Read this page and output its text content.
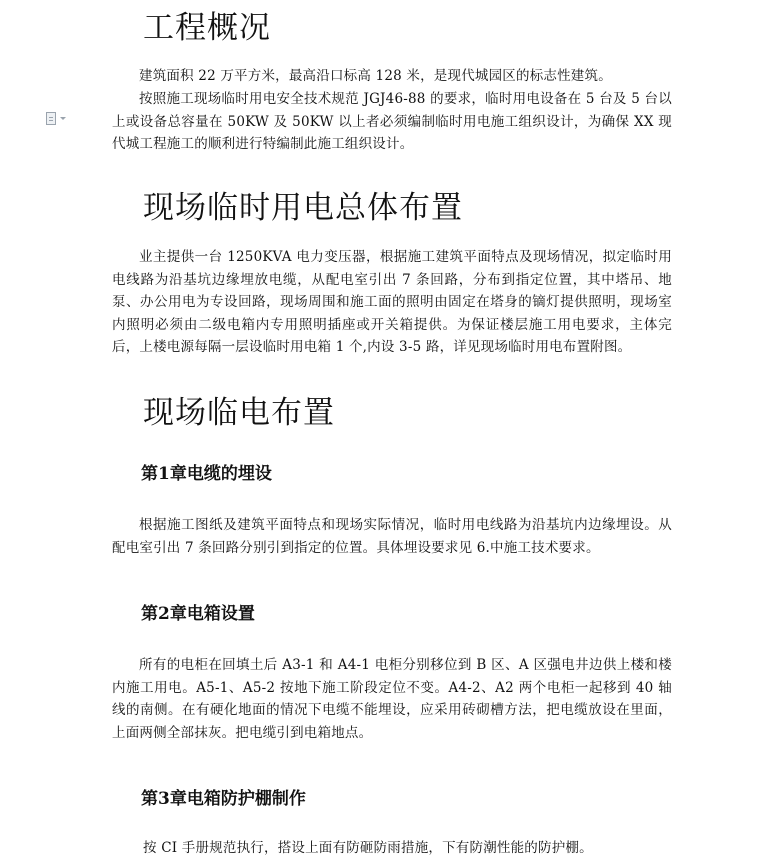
工程概况

建筑面积 22 万平方米，最高沿口标高 128 米，是现代城园区的标志性建筑。

按照施工现场临时用电安全技术规范 JGJ46-88 的要求，临时用电设备在 5 台及 5 台以上或设备总容量在 50KW 及 50KW 以上者必须编制临时用电施工组织设计，为确保 XX 现代城工程施工的顺利进行特编制此施工组织设计。

现场临时用电总体布置

业主提供一台 1250KVA 电力变压器，根据施工建筑平面特点及现场情况，拟定临时用电线路为沿基坑边缘埋放电缆，从配电室引出 7 条回路，分布到指定位置，其中塔吊、地泵、办公用电为专设回路，现场周围和施工面的照明由固定在塔身的镝灯提供照明，现场室内照明必须由二级电箱内专用照明插座或开关箱提供。为保证楼层施工用电要求，主体完后，上楼电源每隔一层设临时用电箱 1 个,内设 3-5 路，详见现场临时用电布置附图。

现场临电布置
第1章电缆的埋设

根据施工图纸及建筑平面特点和现场实际情况，临时用电线路为沿基坑内边缘埋设。从配电室引出 7 条回路分别引到指定的位置。具体埋设要求见 6.中施工技术要求。

第2章电箱设置

所有的电柜在回填土后 A3-1 和 A4-1 电柜分别移位到 B 区、A 区强电井边供上楼和楼内施工用电。A5-1、A5-2 按地下施工阶段定位不变。A4-2、A2 两个电柜一起移到 40 轴线的南侧。在有硬化地面的情况下电缆不能埋设，应采用砖砌槽方法，把电缆放设在里面，上面两侧全部抹灰。把电缆引到电箱地点。

第3章电箱防护棚制作

按 CI 手册规范执行，搭设上面有防砸防雨措施，下有防潮性能的防护棚。
